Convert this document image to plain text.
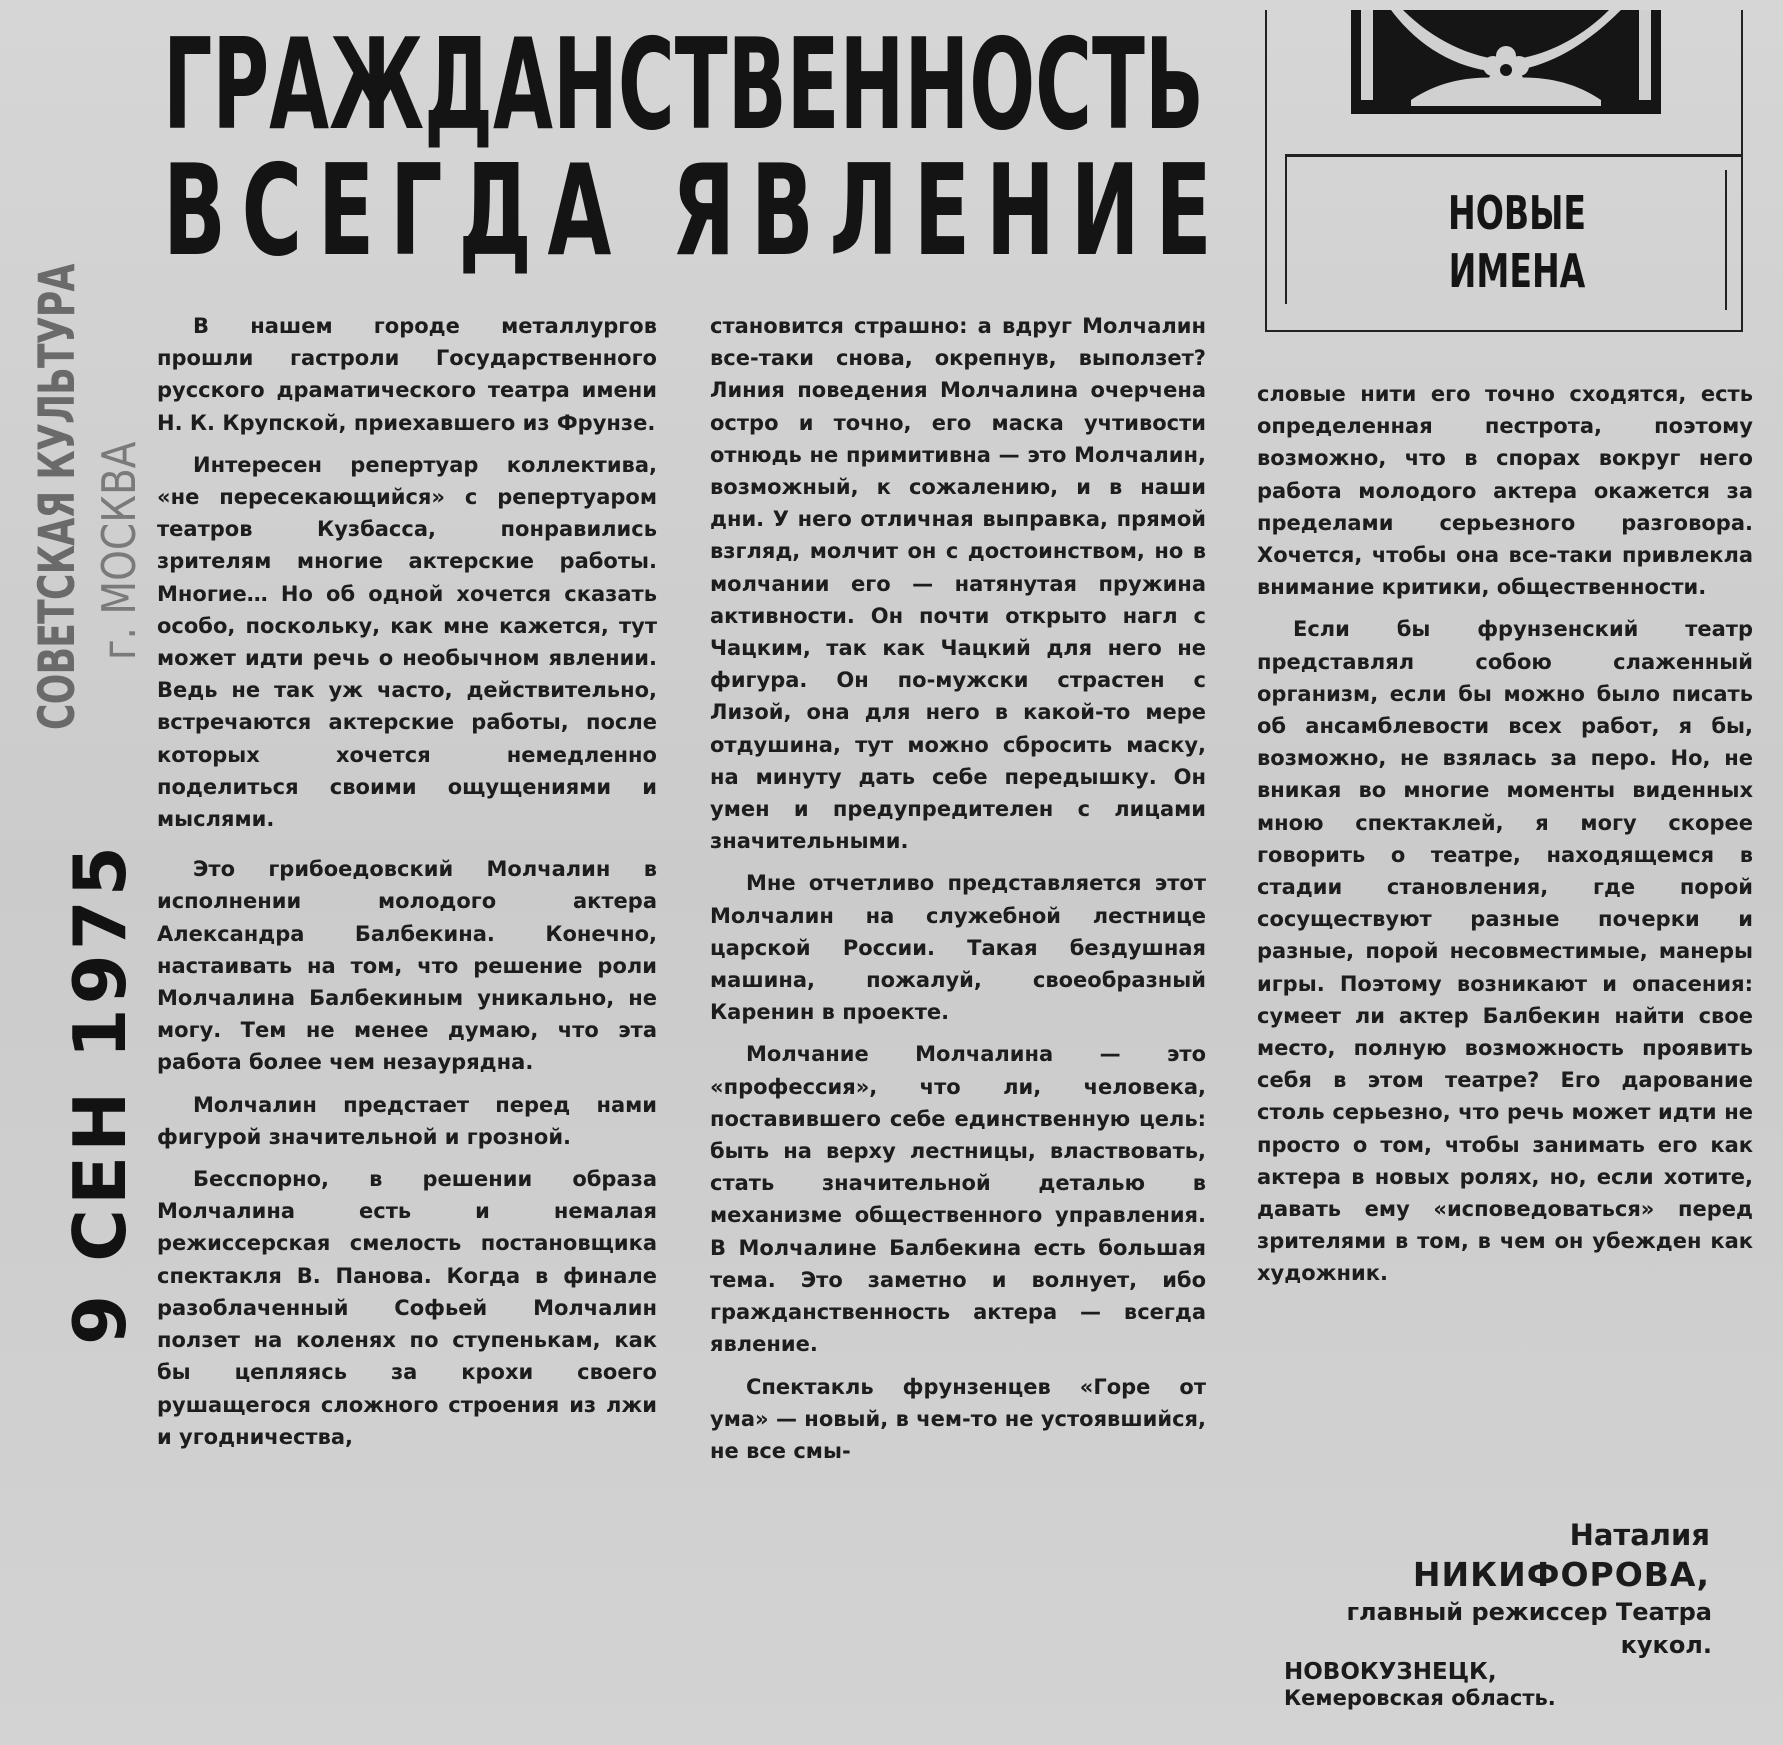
СОВЕТСКАЯ КУЛЬТУРА г. МОСКВА
9 СЕН 1975
ГРАЖДАНСТВЕННОСТЬ
ВСЕГДА ЯВЛЕНИЕ	НОВЫЕ
ИМЕНА

В нашем городе металлургов прошли гастроли Государственного русского драматического театра имени Н. К. Крупской, приехавшего из Фрунзе.

Интересен репертуар коллектива, «не пересекающийся» с репертуаром театров Кузбасса, понравились зрителям многие актерские работы. Многие… Но об одной хочется сказать особо, поскольку, как мне кажется, тут может идти речь о необычном явлении. Ведь не так уж часто, действительно, встречаются актерские работы, после которых хочется немедленно поделиться своими ощущениями и мыслями.

Это грибоедовский Молчалин в исполнении молодого актера Александра Балбекина. Конечно, настаивать на том, что решение роли Молчалина Балбекиным уникально, не могу. Тем не менее думаю, что эта работа более чем незаурядна.

Молчалин предстает перед нами фигурой значительной и грозной.

Бесспорно, в решении образа Молчалина есть и немалая режиссерская смелость постановщика спектакля В. Панова. Когда в финале разоблаченный Софьей Молчалин ползет на коленях по ступенькам, как бы цепляясь за крохи своего рушащегося сложного строения из лжи и угодничества,

становится страшно: а вдруг Молчалин все-таки снова, окрепнув, выползет? Линия поведения Молчалина очерчена остро и точно, его маска учтивости отнюдь не примитивна — это Молчалин, возможный, к сожалению, и в наши дни. У него отличная выправка, прямой взгляд, молчит он с достоинством, но в молчании его — натянутая пружина активности. Он почти открыто нагл с Чацким, так как Чацкий для него не фигура. Он по-мужски страстен с Лизой, она для него в какой-то мере отдушина, тут можно сбросить маску, на минуту дать себе передышку. Он умен и предупредителен с лицами значительными.

Мне отчетливо представляется этот Молчалин на служебной лестнице царской России. Такая бездушная машина, пожалуй, своеобразный Каренин в проекте.

Молчание Молчалина — это «профессия», что ли, человека, поставившего себе единственную цель: быть на верху лестницы, властвовать, стать значительной деталью в механизме общественного управления. В Молчалине Балбекина есть большая тема. Это заметно и волнует, ибо гражданственность актера — всегда явление.

Спектакль фрунзенцев «Горе от ума» — новый, в чем-то не устоявшийся, не все смы-

словые нити его точно сходятся, есть определенная пестрота, поэтому возможно, что в спорах вокруг него работа молодого актера окажется за пределами серьезного разговора. Хочется, чтобы она все-таки привлекла внимание критики, общественности.

Если бы фрунзенский театр представлял собою слаженный организм, если бы можно было писать об ансамблевости всех работ, я бы, возможно, не взялась за перо. Но, не вникая во многие моменты виденных мною спектаклей, я могу скорее говорить о театре, находящемся в стадии становления, где порой сосуществуют разные почерки и разные, порой несовместимые, манеры игры. Поэтому возникают и опасения: сумеет ли актер Балбекин найти свое место, полную возможность проявить себя в этом театре? Его дарование столь серьезно, что речь может идти не просто о том, чтобы занимать его как актера в новых ролях, но, если хотите, давать ему «исповедоваться» перед зрителями в том, в чем он убежден как художник.

Наталия
НИКИФОРОВА,
главный режиссер Театра кукол.
НОВОКУЗНЕЦК,
Кемеровская область.
